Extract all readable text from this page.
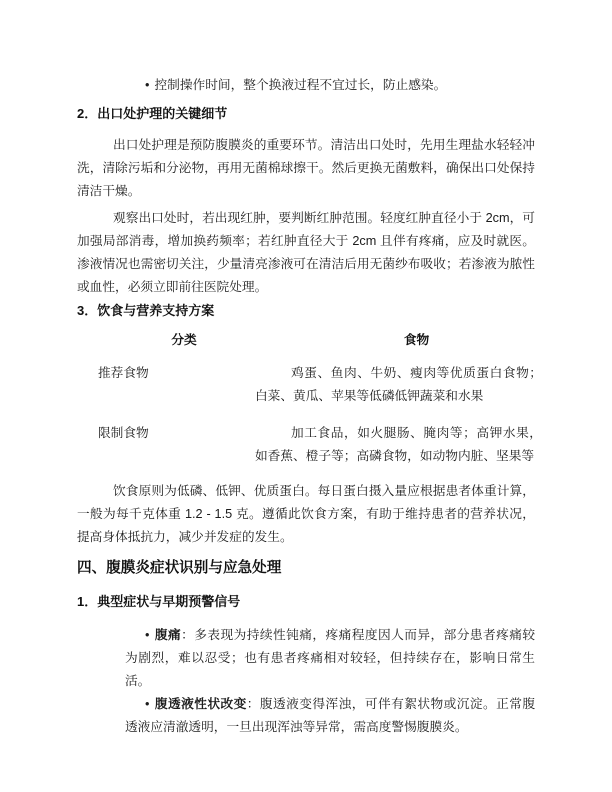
• 控制操作时间，整个换液过程不宜过长，防止感染。
2．出口处护理的关键细节

出口处护理是预防腹膜炎的重要环节。清洁出口处时，先用生理盐水轻轻冲洗，清除污垢和分泌物，再用无菌棉球擦干。然后更换无菌敷料，确保出口处保持清洁干燥。

观察出口处时，若出现红肿，要判断红肿范围。轻度红肿直径小于 2cm，可加强局部消毒，增加换药频率；若红肿直径大于 2cm 且伴有疼痛，应及时就医。渗液情况也需密切关注，少量清亮渗液可在清洁后用无菌纱布吸收；若渗液为脓性或血性，必须立即前往医院处理。

3．饮食与营养支持方案
分类	食物
推荐食物	鸡蛋、鱼肉、牛奶、瘦肉等优质蛋白食物；白菜、黄瓜、苹果等低磷低钾蔬菜和水果
限制食物	加工食品，如火腿肠、腌肉等；高钾水果，如香蕉、橙子等；高磷食物，如动物内脏、坚果等

饮食原则为低磷、低钾、优质蛋白。每日蛋白摄入量应根据患者体重计算，一般为每千克体重 1.2 - 1.5 克。遵循此饮食方案，有助于维持患者的营养状况，提高身体抵抗力，减少并发症的发生。

四、腹膜炎症状识别与应急处理
1．典型症状与早期预警信号
• 腹痛：多表现为持续性钝痛，疼痛程度因人而异，部分患者疼痛较为剧烈，难以忍受；也有患者疼痛相对较轻，但持续存在，影响日常生活。
• 腹透液性状改变：腹透液变得浑浊，可伴有絮状物或沉淀。正常腹透液应清澈透明，一旦出现浑浊等异常，需高度警惕腹膜炎。
